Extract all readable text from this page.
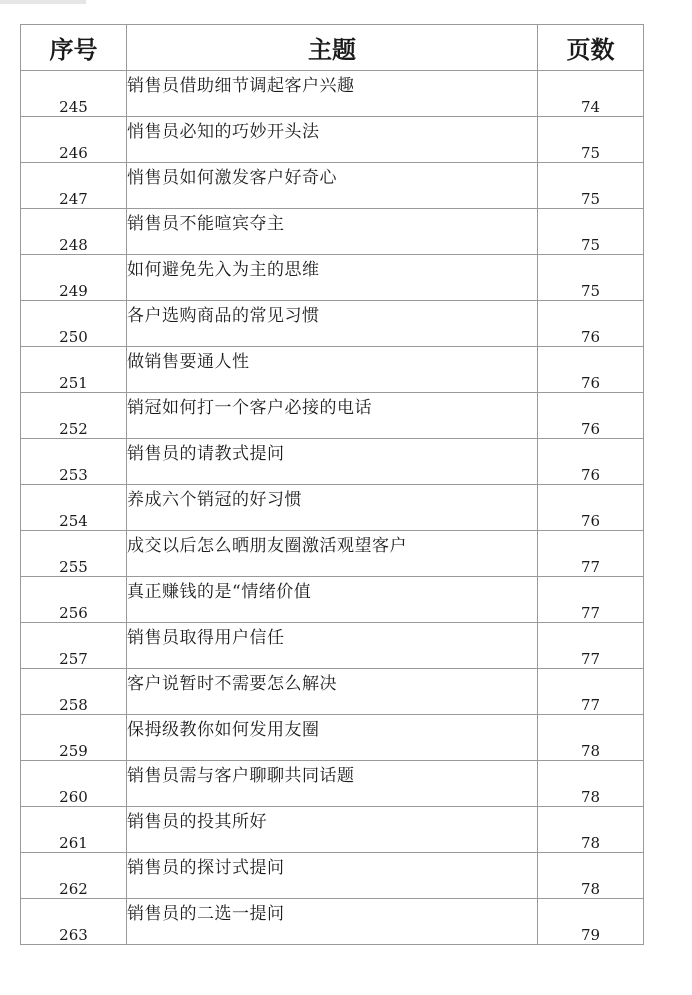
序号	主题	页数
245	销售员借助细节调起客户兴趣	74
246	悄售员必知的巧妙开头法	75
247	悄售员如何激发客户好奇心	75
248	销售员不能喧宾夺主	75
249	如何避免先入为主的思维	75
250	各户选购商品的常见习惯	76
251	做销售要通人性	76
252	销冠如何打一个客户必接的电话	76
253	销售员的请教式提问	76
254	养成六个销冠的好习惯	76
255	成交以后怎么晒朋友圈激活观望客户	77
256	真正赚钱的是“情绪价值	77
257	销售员取得用户信任	77
258	客户说暂时不需要怎么解决	77
259	保拇级教你如何发用友圈	78
260	销售员需与客户聊聊共同话题	78
261	销售员的投其所好	78
262	销售员的探讨式提问	78
263	销售员的二选一提问	79
